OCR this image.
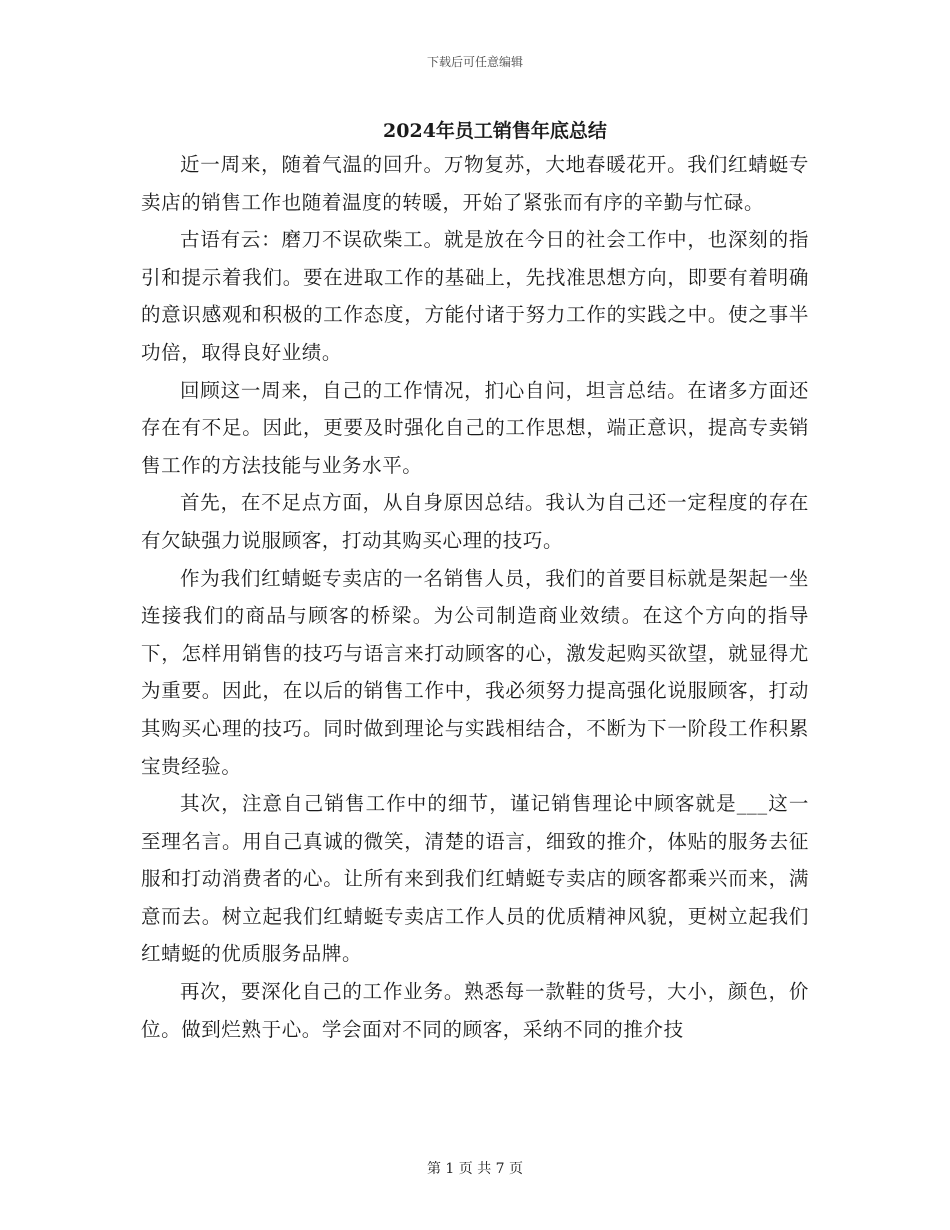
下载后可任意编辑
2024年员工销售年底总结

近一周来，随着气温的回升。万物复苏，大地春暖花开。我们红蜻蜓专卖店的销售工作也随着温度的转暖，开始了紧张而有序的辛勤与忙碌。

古语有云：磨刀不误砍柴工。就是放在今日的社会工作中，也深刻的指引和提示着我们。要在进取工作的基础上，先找准思想方向，即要有着明确的意识感观和积极的工作态度，方能付诸于努力工作的实践之中。使之事半功倍，取得良好业绩。

回顾这一周来，自己的工作情况，扪心自问，坦言总结。在诸多方面还存在有不足。因此，更要及时强化自己的工作思想，端正意识，提高专卖销售工作的方法技能与业务水平。

首先，在不足点方面，从自身原因总结。我认为自己还一定程度的存在有欠缺强力说服顾客，打动其购买心理的技巧。

作为我们红蜻蜓专卖店的一名销售人员，我们的首要目标就是架起一坐连接我们的商品与顾客的桥梁。为公司制造商业效绩。在这个方向的指导下，怎样用销售的技巧与语言来打动顾客的心，激发起购买欲望，就显得尤为重要。因此，在以后的销售工作中，我必须努力提高强化说服顾客，打动其购买心理的技巧。同时做到理论与实践相结合，不断为下一阶段工作积累宝贵经验。

其次，注意自己销售工作中的细节，谨记销售理论中顾客就是___这一至理名言。用自己真诚的微笑，清楚的语言，细致的推介，体贴的服务去征服和打动消费者的心。让所有来到我们红蜻蜓专卖店的顾客都乘兴而来，满意而去。树立起我们红蜻蜓专卖店工作人员的优质精神风貌，更树立起我们红蜻蜓的优质服务品牌。

再次，要深化自己的工作业务。熟悉每一款鞋的货号，大小，颜色，价位。做到烂熟于心。学会面对不同的顾客，采纳不同的推介技

第 1 页 共 7 页
